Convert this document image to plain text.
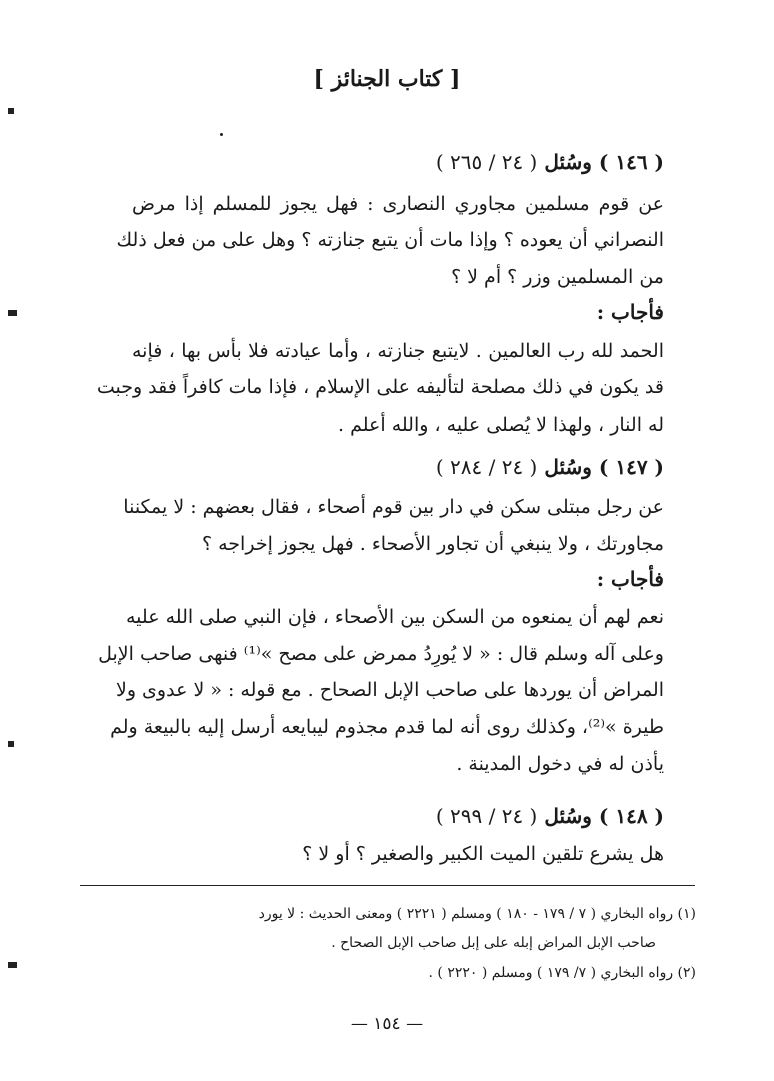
[ كتاب الجنائز ]
( ١٤٦ ) وسُئل ( ٢٤ / ٢٦٥ )
عن قوم مسلمين مجاوري النصارى : فهل يجوز للمسلم إذا مرض
النصراني أن يعوده ؟ وإذا مات أن يتبع جنازته ؟ وهل على من فعل ذلك
من المسلمين وزر ؟ أم لا ؟
فأجاب :
الحمد لله رب العالمين . لايتبع جنازته ، وأما عيادته فلا بأس بها ، فإنه
قد يكون في ذلك مصلحة لتأليفه على الإسلام ، فإذا مات كافراً فقد وجبت
له النار ، ولهذا لا يُصلى عليه ، والله أعلم .
( ١٤٧ ) وسُئل ( ٢٤ / ٢٨٤ )
عن رجل مبتلى سكن في دار بين قوم أصحاء ، فقال بعضهم : لا يمكننا
مجاورتك ، ولا ينبغي أن تجاور الأصحاء . فهل يجوز إخراجه ؟
فأجاب :
نعم لهم أن يمنعوه من السكن بين الأصحاء ، فإن النبي صلى الله عليه
وعلى آله وسلم قال : « لا يُورِدُ ممرض على مصح »⁽¹⁾ فنهى صاحب الإبل
المراض أن يوردها على صاحب الإبل الصحاح . مع قوله : « لا عدوى ولا
طيرة »⁽²⁾، وكذلك روى أنه لما قدم مجذوم ليبايعه أرسل إليه بالبيعة ولم
يأذن له في دخول المدينة .
( ١٤٨ ) وسُئل ( ٢٤ / ٢٩٩ )
هل يشرع تلقين الميت الكبير والصغير ؟ أو لا ؟
(١) رواه البخاري ( ٧ / ١٧٩ - ١٨٠ ) ومسلم ( ٢٢٢١ ) ومعنى الحديث : لا يورد
صاحب الإبل المراض إبله على إبل صاحب الإبل الصحاح .
(٢) رواه البخاري ( ٧/ ١٧٩ ) ومسلم ( ٢٢٢٠ ) .
— ١٥٤ —
